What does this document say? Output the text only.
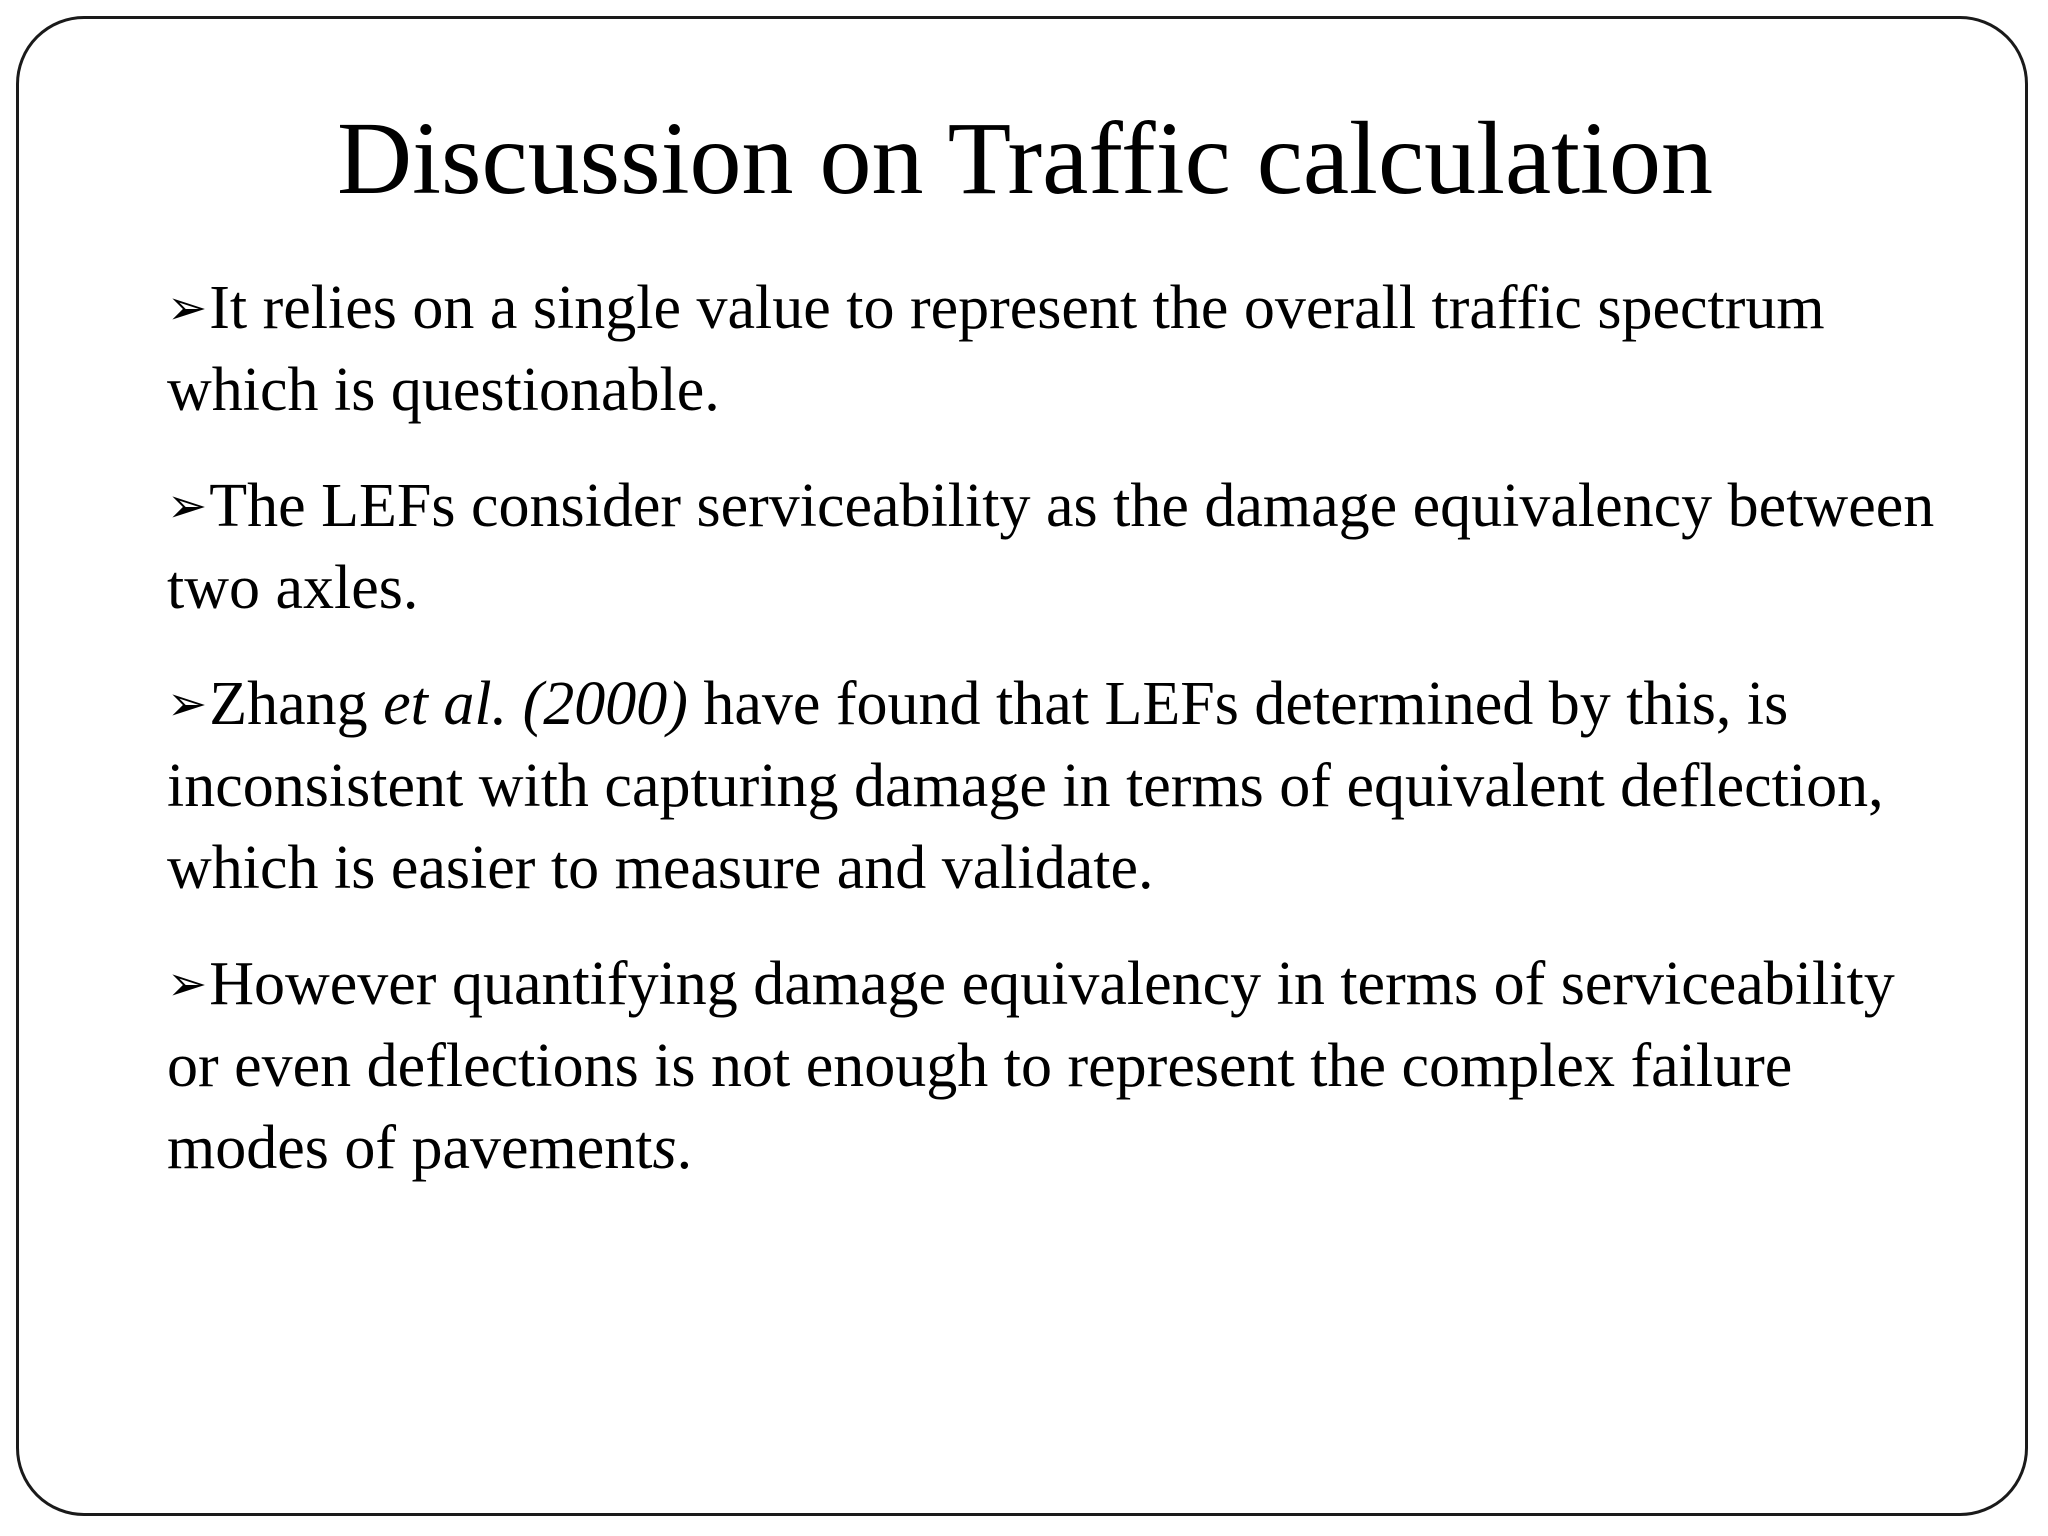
Discussion on Traffic calculation

➢It relies on a single value to represent the overall traffic spectrum which is questionable.

➢The LEFs consider serviceability as the damage equivalency between two axles.

➢Zhang et al. (2000) have found that LEFs determined by this, is inconsistent with capturing damage in terms of equivalent deflection, which is easier to measure and validate.

➢However quantifying damage equivalency in terms of serviceability or even deflections is not enough to represent the complex failure modes of pavements.
